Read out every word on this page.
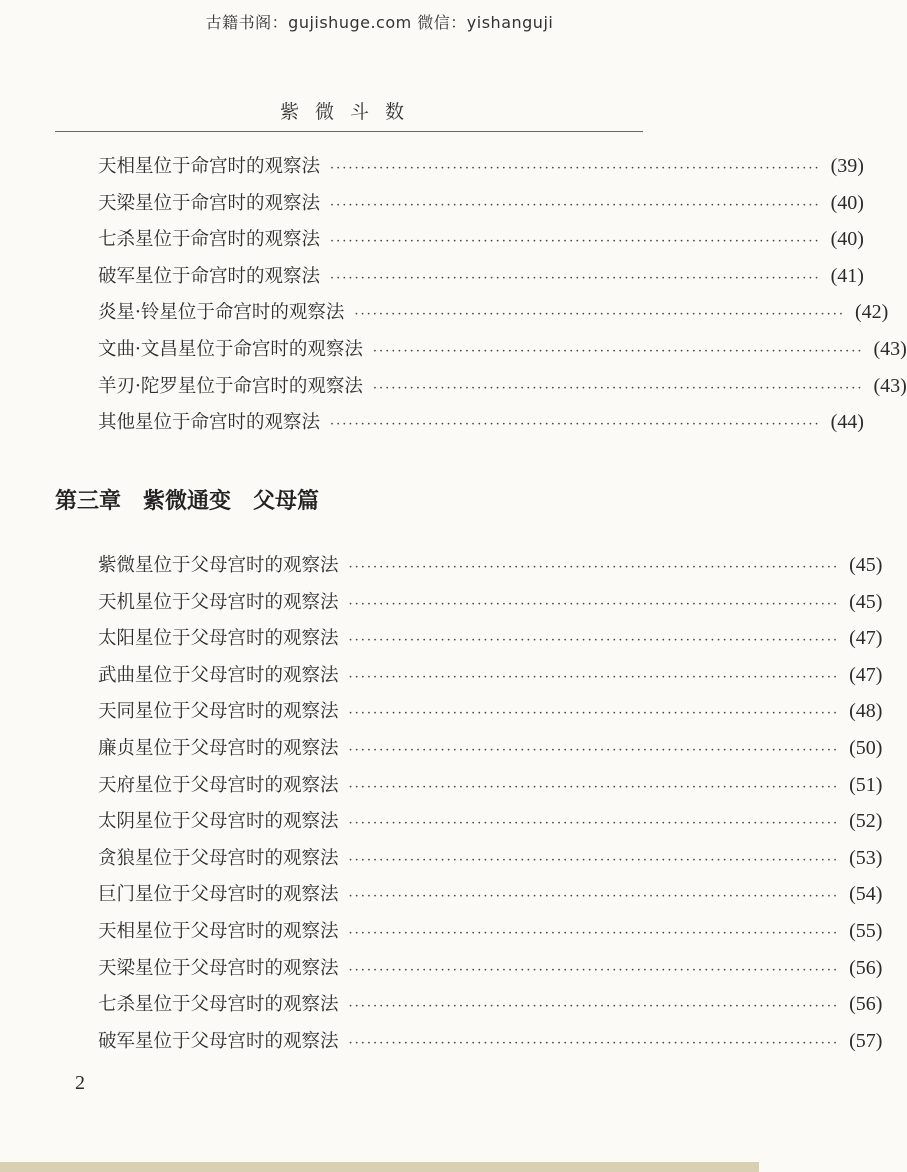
古籍书阁：gujishuge.com 微信：yishanguji
紫微斗数
天相星位于命宫时的观察法 ················································································ (39)
天梁星位于命宫时的观察法 ················································································ (40)
七杀星位于命宫时的观察法 ················································································ (40)
破军星位于命宫时的观察法 ················································································ (41)
炎星·铃星位于命宫时的观察法 ················································································ (42)
文曲·文昌星位于命宫时的观察法 ················································································ (43)
羊刃·陀罗星位于命宫时的观察法 ················································································ (43)
其他星位于命宫时的观察法 ················································································ (44)
第三章　紫微通变　父母篇
紫微星位于父母宫时的观察法 ················································································ (45)
天机星位于父母宫时的观察法 ················································································ (45)
太阳星位于父母宫时的观察法 ················································································ (47)
武曲星位于父母宫时的观察法 ················································································ (47)
天同星位于父母宫时的观察法 ················································································ (48)
廉贞星位于父母宫时的观察法 ················································································ (50)
天府星位于父母宫时的观察法 ················································································ (51)
太阴星位于父母宫时的观察法 ················································································ (52)
贪狼星位于父母宫时的观察法 ················································································ (53)
巨门星位于父母宫时的观察法 ················································································ (54)
天相星位于父母宫时的观察法 ················································································ (55)
天梁星位于父母宫时的观察法 ················································································ (56)
七杀星位于父母宫时的观察法 ················································································ (56)
破军星位于父母宫时的观察法 ················································································ (57)
2
